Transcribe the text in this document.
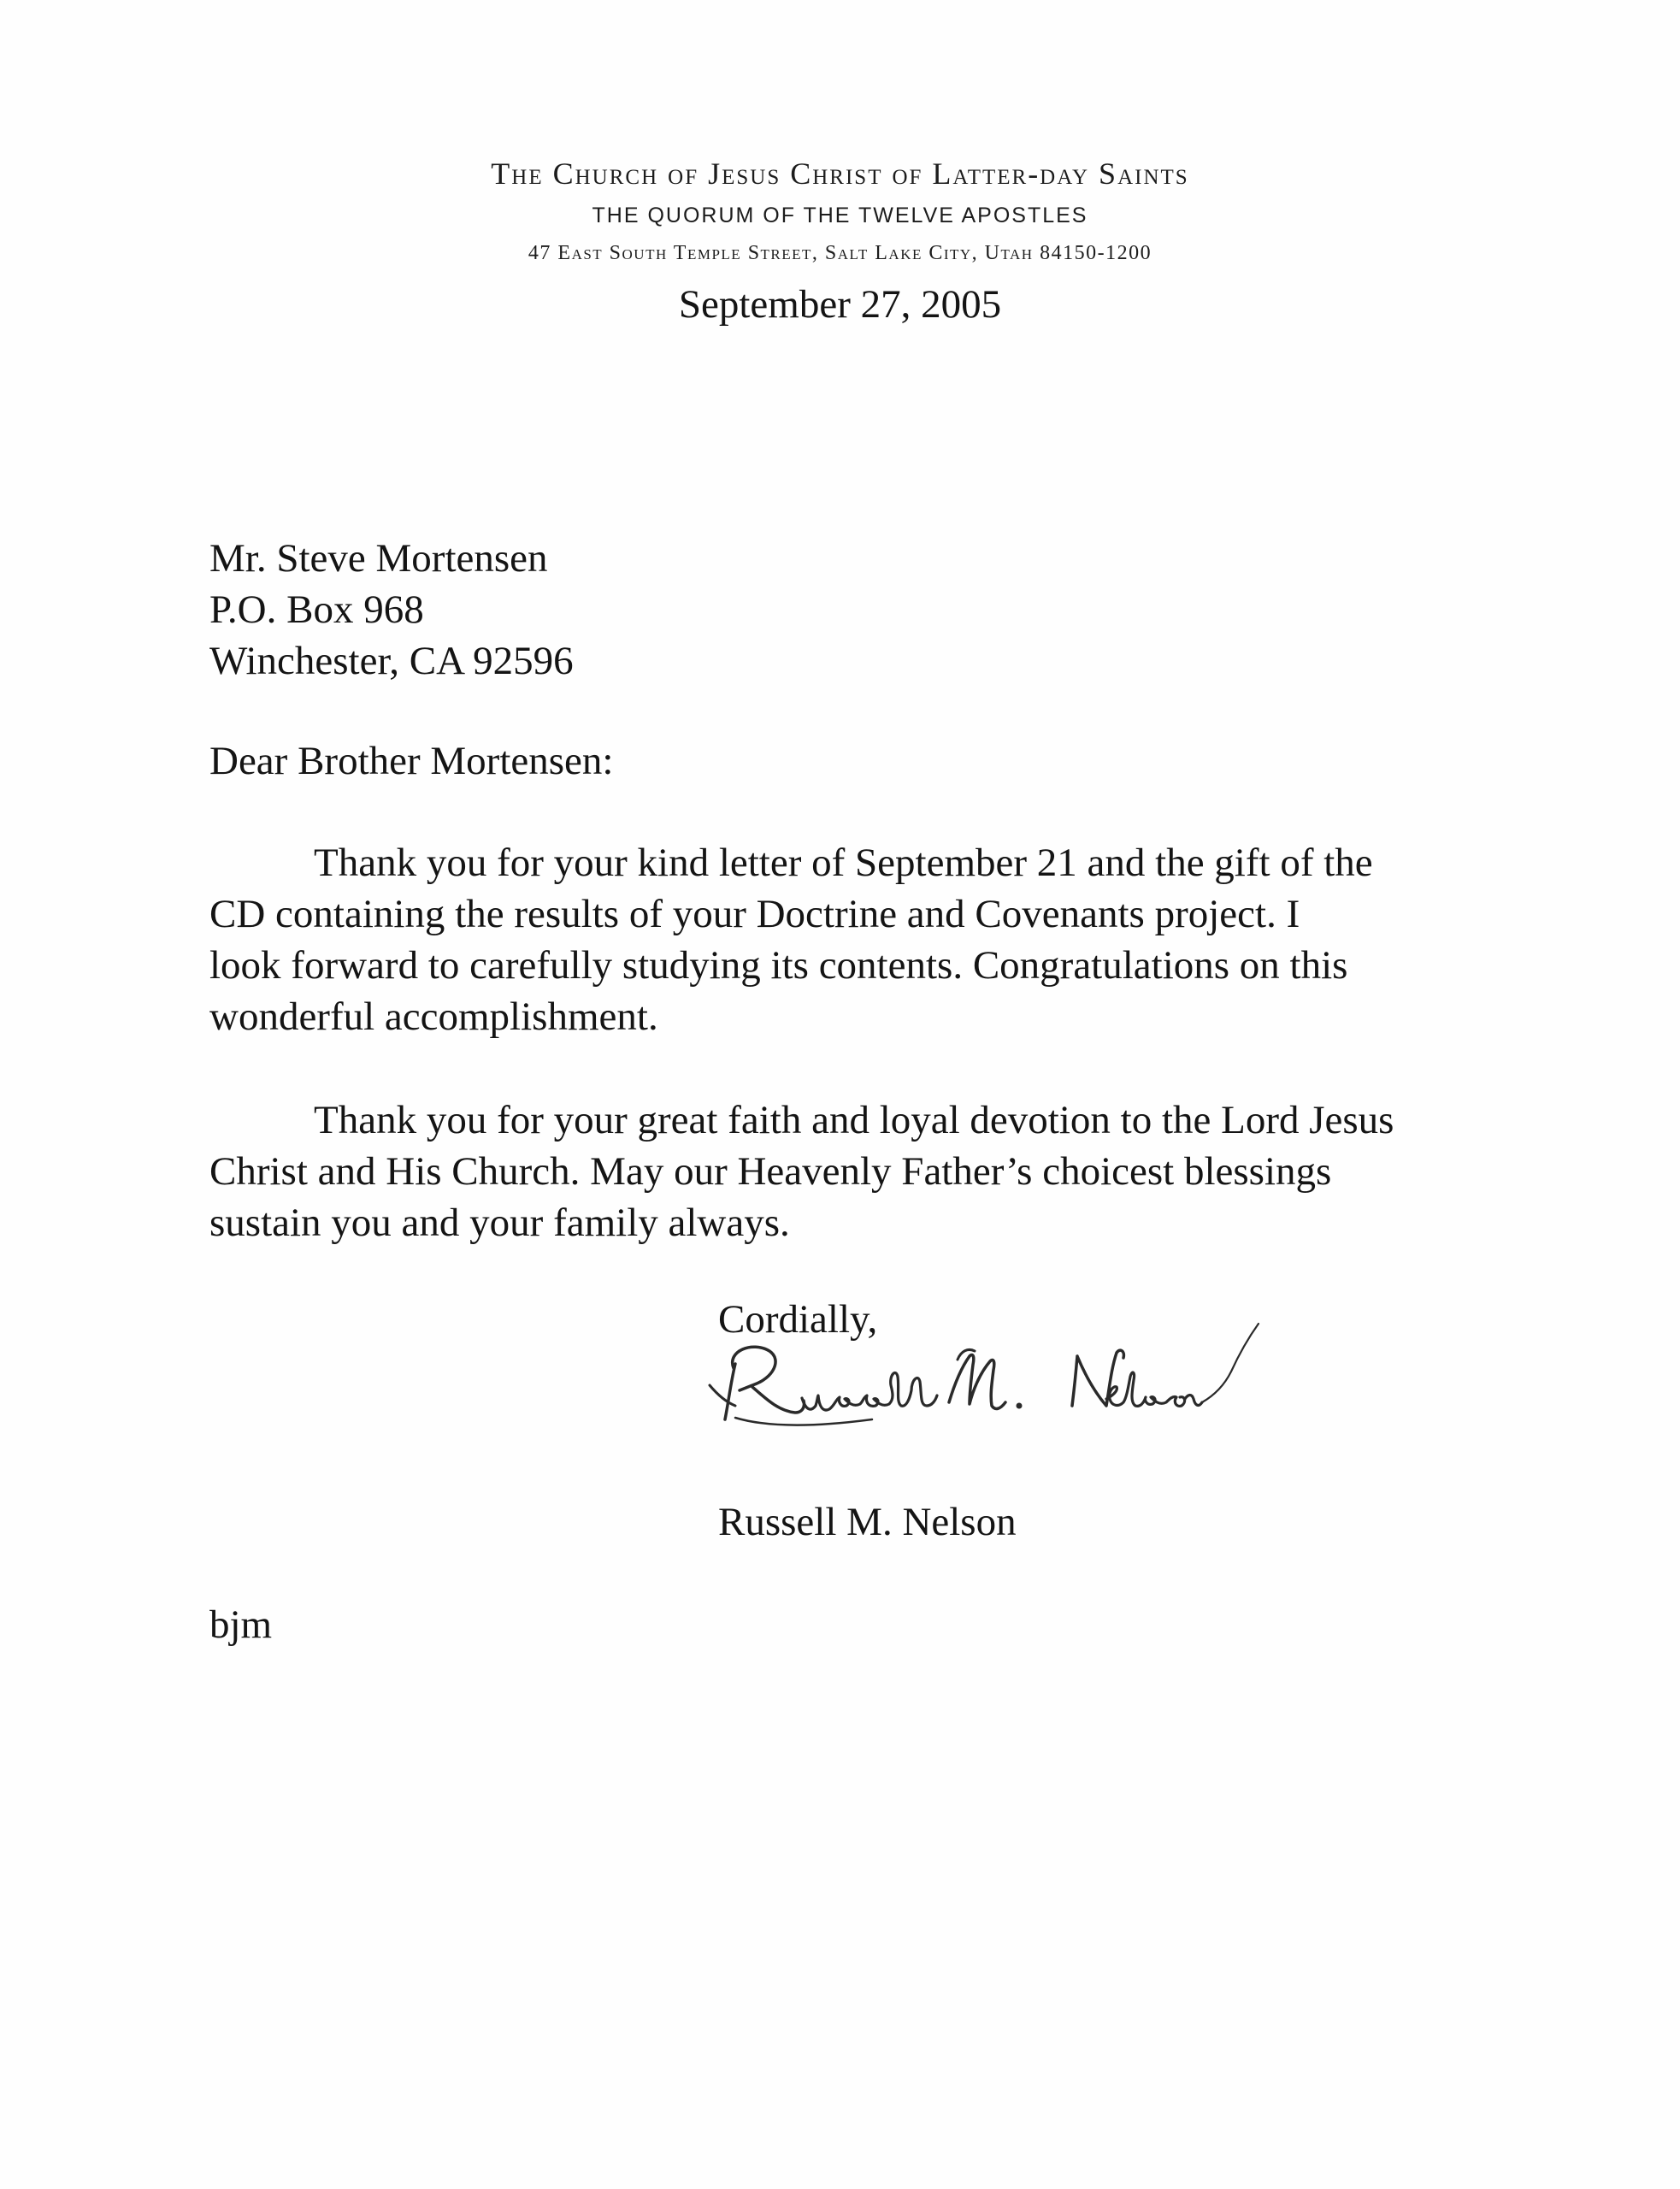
The Church of Jesus Christ of Latter-day Saints
THE QUORUM OF THE TWELVE APOSTLES
47 East South Temple Street, Salt Lake City, Utah 84150-1200
September 27, 2005
Mr. Steve Mortensen
P.O. Box 968
Winchester, CA 92596
Dear Brother Mortensen:
Thank you for your kind letter of September 21 and the gift of the
CD containing the results of your Doctrine and Covenants project. I
look forward to carefully studying its contents. Congratulations on this
wonderful accomplishment.
Thank you for your great faith and loyal devotion to the Lord Jesus
Christ and His Church. May our Heavenly Father’s choicest blessings
sustain you and your family always.
Cordially,
Russell M. Nelson
bjm
